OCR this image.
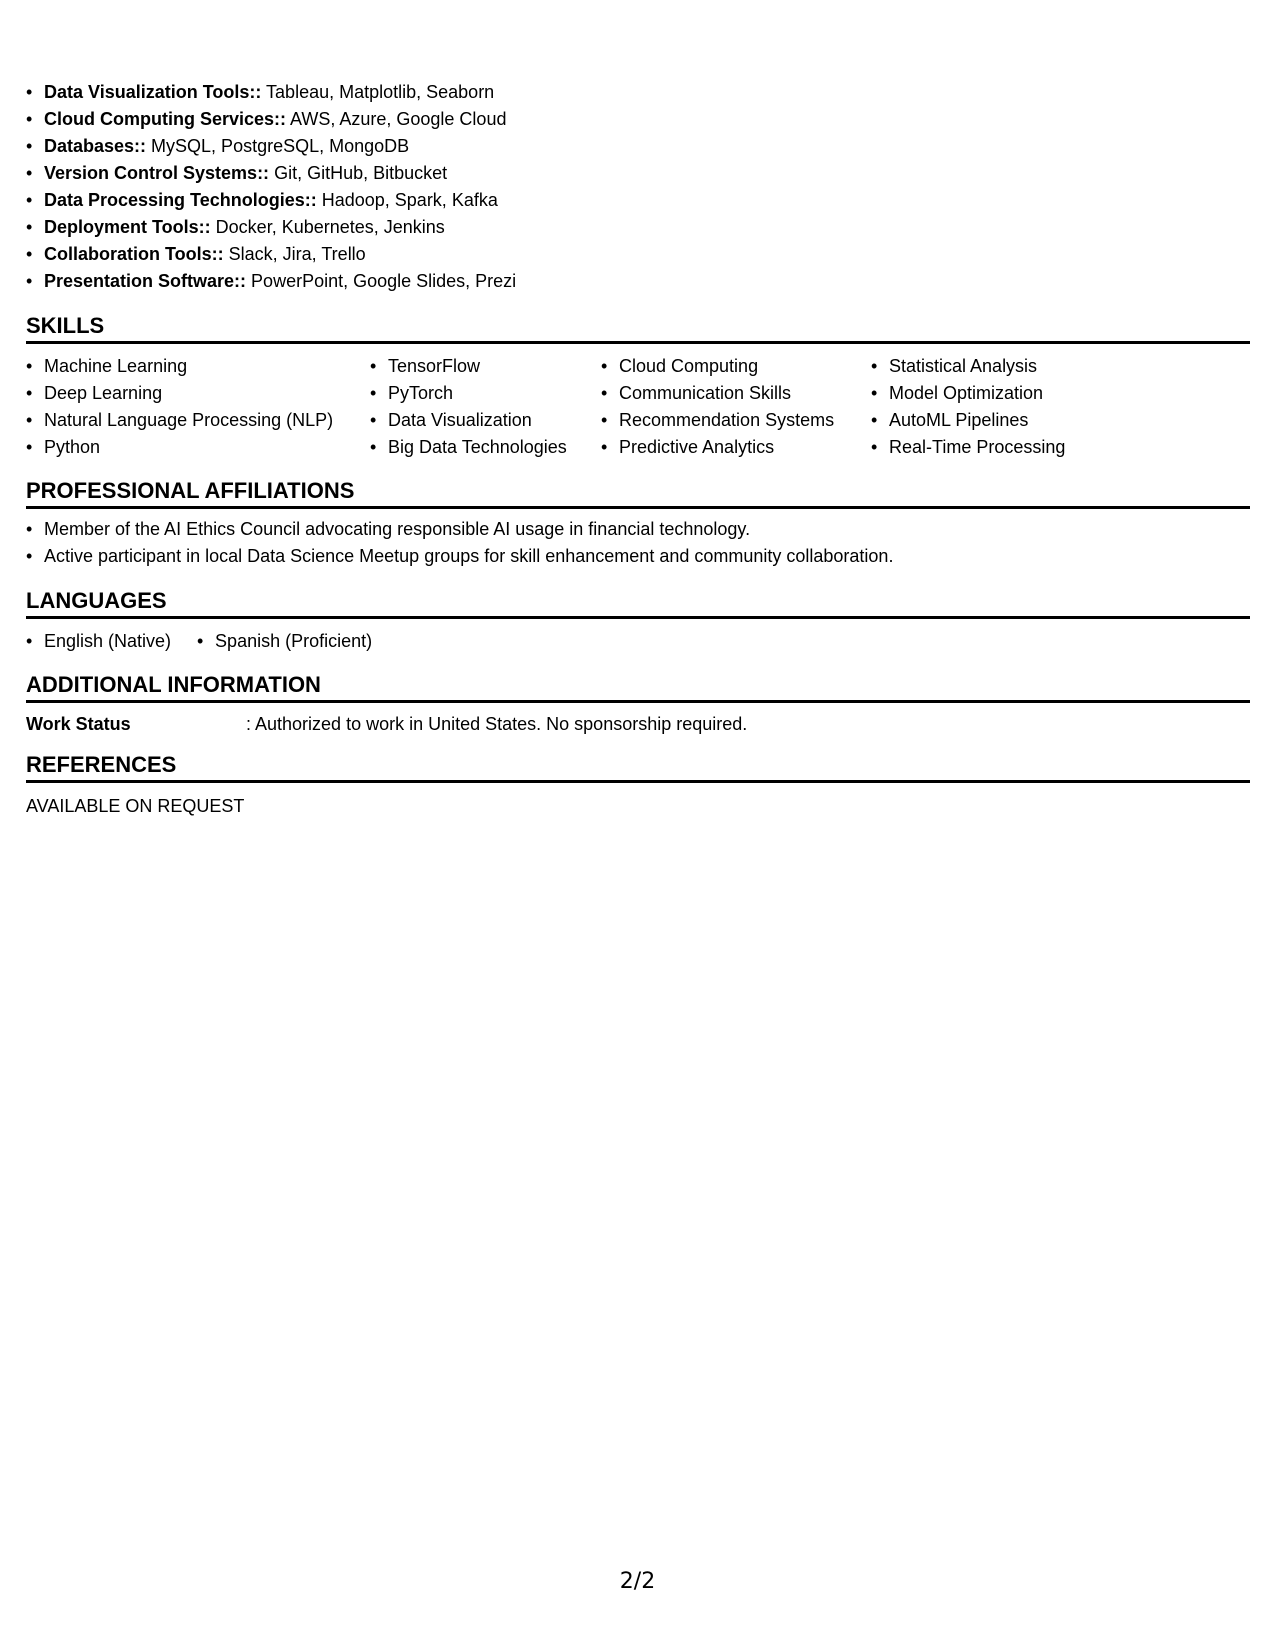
• Data Visualization Tools:: Tableau, Matplotlib, Seaborn
• Cloud Computing Services:: AWS, Azure, Google Cloud
• Databases:: MySQL, PostgreSQL, MongoDB
• Version Control Systems:: Git, GitHub, Bitbucket
• Data Processing Technologies:: Hadoop, Spark, Kafka
• Deployment Tools:: Docker, Kubernetes, Jenkins
• Collaboration Tools:: Slack, Jira, Trello
• Presentation Software:: PowerPoint, Google Slides, Prezi
SKILLS
• Machine Learning
• Deep Learning
• Natural Language Processing (NLP)
• Python
• TensorFlow
• PyTorch
• Data Visualization
• Big Data Technologies
• Cloud Computing
• Communication Skills
• Recommendation Systems
• Predictive Analytics
• Statistical Analysis
• Model Optimization
• AutoML Pipelines
• Real-Time Processing
PROFESSIONAL AFFILIATIONS
• Member of the AI Ethics Council advocating responsible AI usage in financial technology.
• Active participant in local Data Science Meetup groups for skill enhancement and community collaboration.
LANGUAGES
• English (Native)
•	Spanish (Proficient)
ADDITIONAL INFORMATION
Work Status	: Authorized to work in United States. No sponsorship required.
REFERENCES
AVAILABLE ON REQUEST
2/2
